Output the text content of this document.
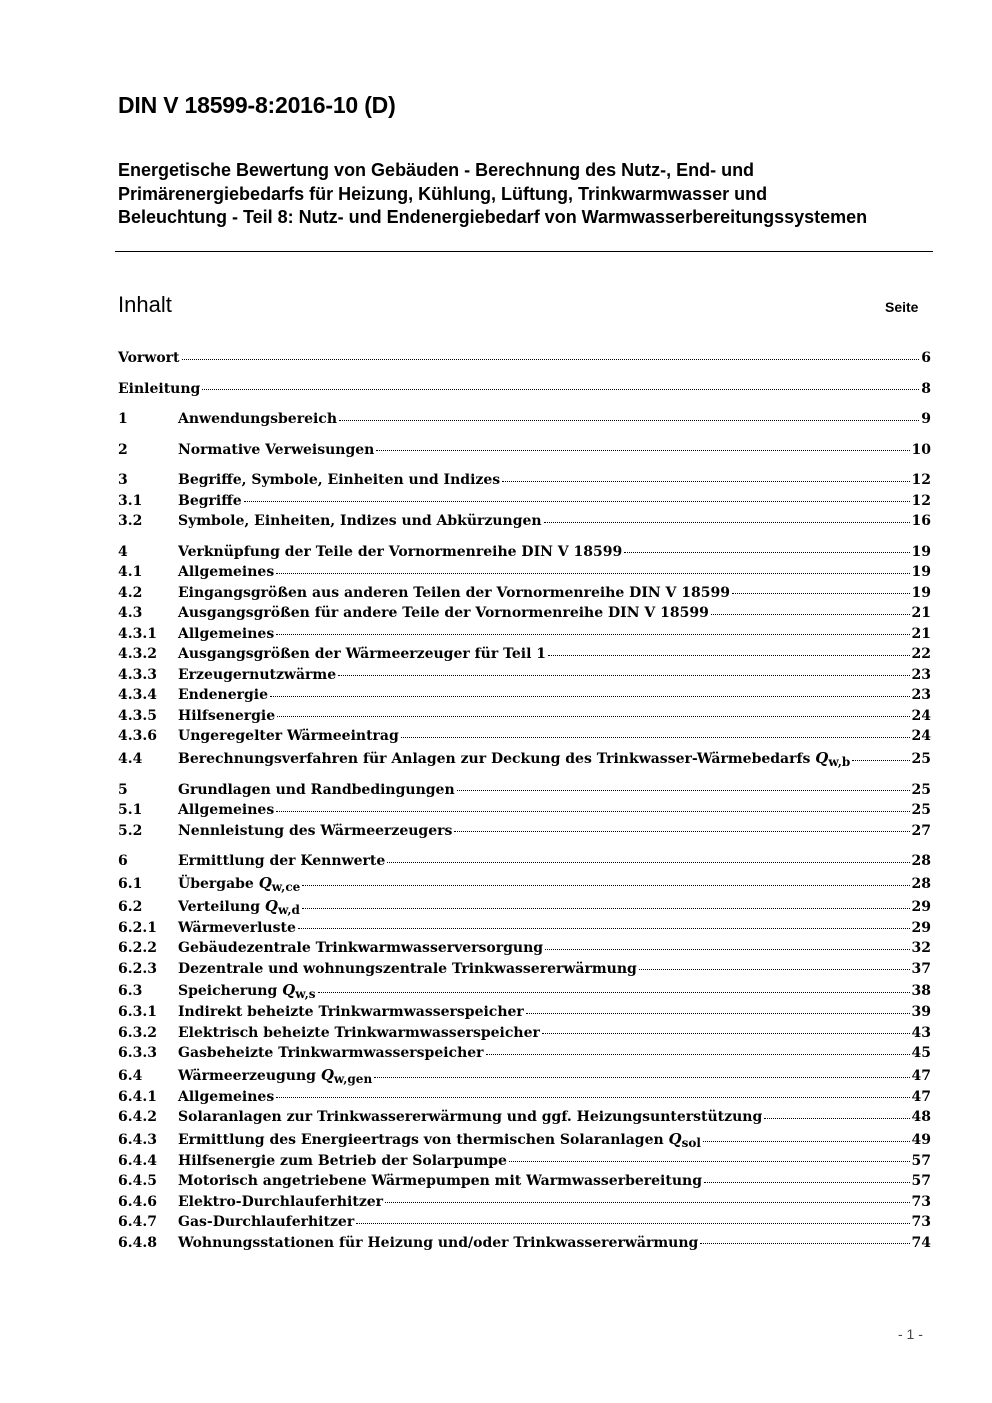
DIN V 18599-8:2016-10 (D)
Energetische Bewertung von Gebäuden - Berechnung des Nutz-, End- und Primärenergiebedarfs für Heizung, Kühlung, Lüftung, Trinkwarmwasser und Beleuchtung - Teil 8: Nutz- und Endenergiebedarf von Warmwasserbereitungssystemen
Inhalt	Seite
Vorwort	6
Einleitung	8
1	Anwendungsbereich	9
2	Normative Verweisungen	10
3	Begriffe, Symbole, Einheiten und Indizes	12
3.1	Begriffe	12
3.2	Symbole, Einheiten, Indizes und Abkürzungen	16
4	Verknüpfung der Teile der Vornormenreihe DIN V 18599	19
4.1	Allgemeines	19
4.2	Eingangsgrößen aus anderen Teilen der Vornormenreihe DIN V 18599	19
4.3	Ausgangsgrößen für andere Teile der Vornormenreihe DIN V 18599	21
4.3.1	Allgemeines	21
4.3.2	Ausgangsgrößen der Wärmeerzeuger für Teil 1	22
4.3.3	Erzeugernutzwärme	23
4.3.4	Endenergie	23
4.3.5	Hilfsenergie	24
4.3.6	Ungeregelter Wärmeeintrag	24
4.4	Berechnungsverfahren für Anlagen zur Deckung des Trinkwasser-Wärmebedarfs $Q_{w,b}$	25
5	Grundlagen und Randbedingungen	25
5.1	Allgemeines	25
5.2	Nennleistung des Wärmeerzeugers	27
6	Ermittlung der Kennwerte	28
6.1	Übergabe $Q_{w,ce}$	28
6.2	Verteilung $Q_{w,d}$	29
6.2.1	Wärmeverluste	29
6.2.2	Gebäudezentrale Trinkwarmwasserversorgung	32
6.2.3	Dezentrale und wohnungszentrale Trinkwassererwärmung	37
6.3	Speicherung $Q_{w,s}$	38
6.3.1	Indirekt beheizte Trinkwarmwasserspeicher	39
6.3.2	Elektrisch beheizte Trinkwarmwasserspeicher	43
6.3.3	Gasbeheizte Trinkwarmwasserspeicher	45
6.4	Wärmeerzeugung $Q_{w,gen}$	47
6.4.1	Allgemeines	47
6.4.2	Solaranlagen zur Trinkwassererwärmung und ggf. Heizungsunterstützung	48
6.4.3	Ermittlung des Energieertrags von thermischen Solaranlagen $Q_{sol}$	49
6.4.4	Hilfsenergie zum Betrieb der Solarpumpe	57
6.4.5	Motorisch angetriebene Wärmepumpen mit Warmwasserbereitung	57
6.4.6	Elektro-Durchlauferhitzer	73
6.4.7	Gas-Durchlauferhitzer	73
6.4.8	Wohnungsstationen für Heizung und/oder Trinkwassererwärmung	74
- 1 -
